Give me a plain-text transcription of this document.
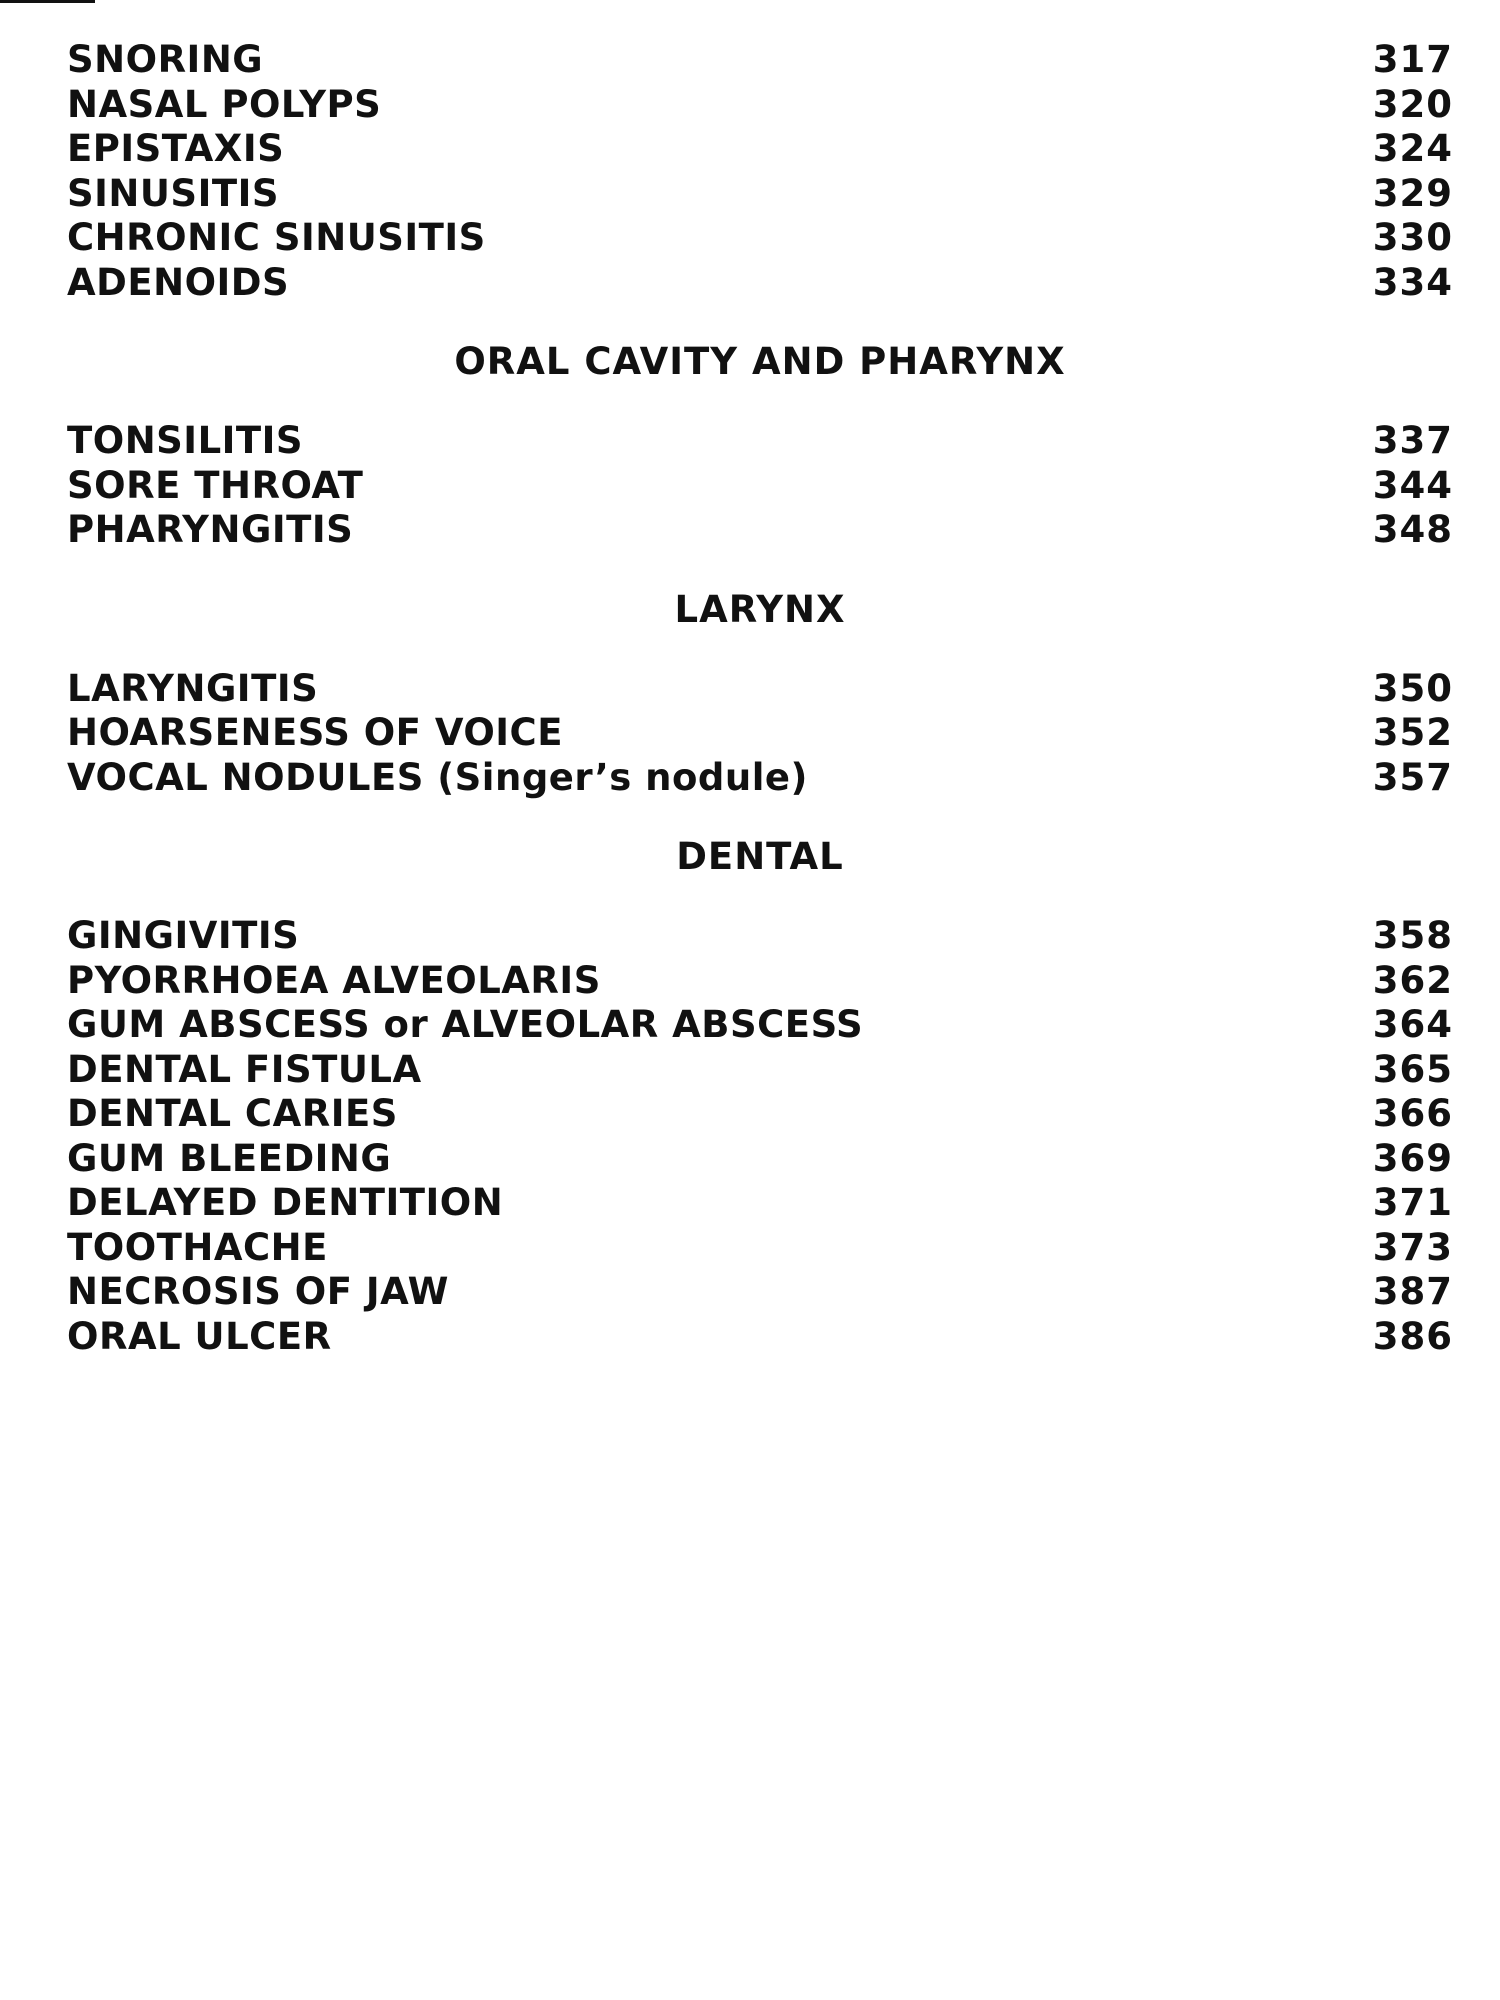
SNORING	317
NASAL POLYPS	320
EPISTAXIS	324
SINUSITIS	329
CHRONIC SINUSITIS	330
ADENOIDS	334
ORAL CAVITY AND PHARYNX
TONSILITIS	337
SORE THROAT	344
PHARYNGITIS	348
LARYNX
LARYNGITIS	350
HOARSENESS OF VOICE	352
VOCAL NODULES (Singer’s nodule)	357
DENTAL
GINGIVITIS	358
PYORRHOEA ALVEOLARIS	362
GUM ABSCESS or ALVEOLAR ABSCESS	364
DENTAL FISTULA	365
DENTAL CARIES	366
GUM BLEEDING	369
DELAYED DENTITION	371
TOOTHACHE	373
NECROSIS OF JAW	387
ORAL ULCER	386
